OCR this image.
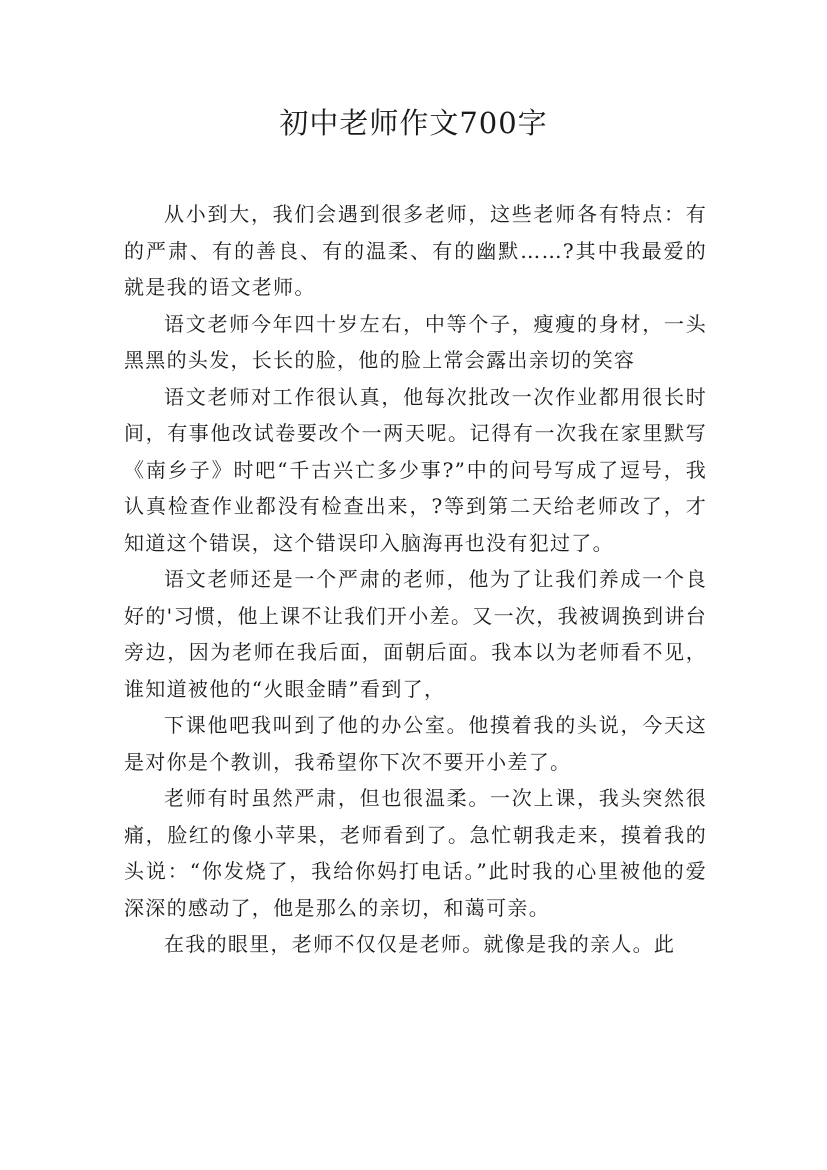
初中老师作文700字

从小到大，我们会遇到很多老师，这些老师各有特点：有的严肃、有的善良、有的温柔、有的幽默……?其中我最爱的就是我的语文老师。

语文老师今年四十岁左右，中等个子，瘦瘦的身材，一头黑黑的头发，长长的脸，他的脸上常会露出亲切的笑容

语文老师对工作很认真，他每次批改一次作业都用很长时间，有事他改试卷要改个一两天呢。记得有一次我在家里默写《南乡子》时吧“千古兴亡多少事?”中的问号写成了逗号，我认真检查作业都没有检查出来，?等到第二天给老师改了，才知道这个错误，这个错误印入脑海再也没有犯过了。

语文老师还是一个严肃的老师，他为了让我们养成一个良好的'习惯，他上课不让我们开小差。又一次，我被调换到讲台旁边，因为老师在我后面，面朝后面。我本以为老师看不见，谁知道被他的“火眼金睛”看到了，

下课他吧我叫到了他的办公室。他摸着我的头说，今天这是对你是个教训，我希望你下次不要开小差了。

老师有时虽然严肃，但也很温柔。一次上课，我头突然很痛，脸红的像小苹果，老师看到了。急忙朝我走来，摸着我的头说：“你发烧了，我给你妈打电话。”此时我的心里被他的爱深深的感动了，他是那么的亲切，和蔼可亲。

在我的眼里，老师不仅仅是老师。就像是我的亲人。此
